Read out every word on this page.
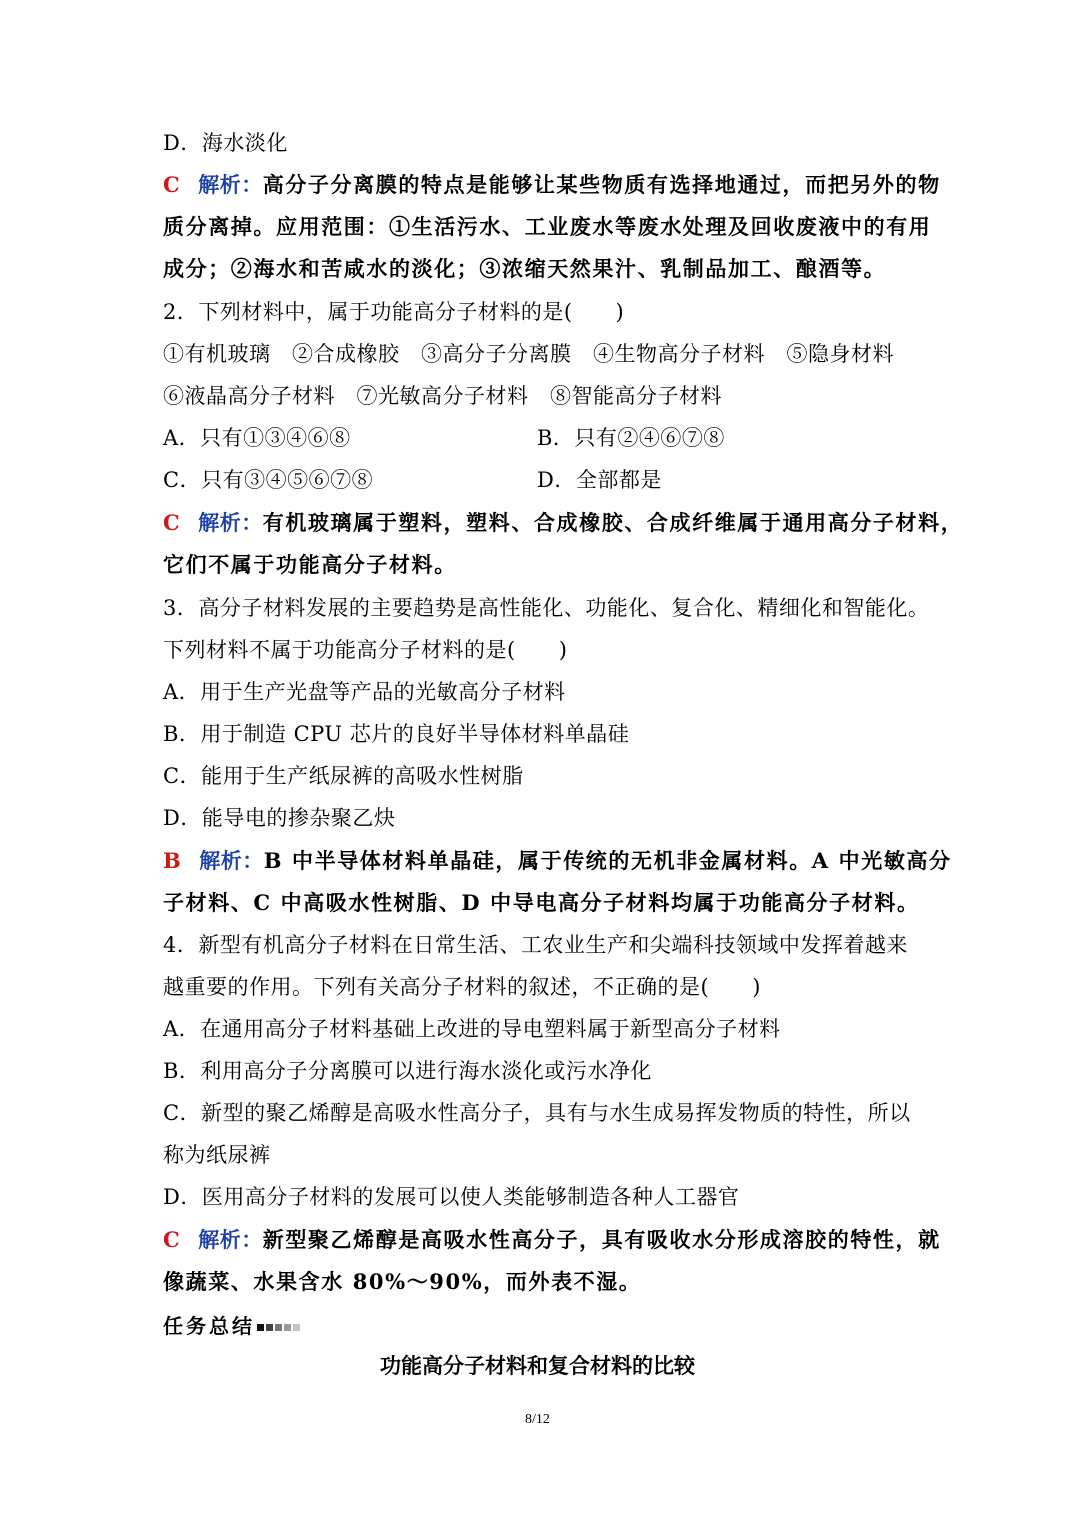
D．海水淡化
C 解析：高分子分离膜的特点是能够让某些物质有选择地通过，而把另外的物
质分离掉。应用范围：①生活污水、工业废水等废水处理及回收废液中的有用
成分；②海水和苦咸水的淡化；③浓缩天然果汁、乳制品加工、酿酒等。
2．下列材料中，属于功能高分子材料的是(　　)
①有机玻璃　②合成橡胶　③高分子分离膜　④生物高分子材料　⑤隐身材料
⑥液晶高分子材料　⑦光敏高分子材料　⑧智能高分子材料
A．只有①③④⑥⑧	B．只有②④⑥⑦⑧
C．只有③④⑤⑥⑦⑧	D．全部都是
C 解析：有机玻璃属于塑料，塑料、合成橡胶、合成纤维属于通用高分子材料，
它们不属于功能高分子材料。
3．高分子材料发展的主要趋势是高性能化、功能化、复合化、精细化和智能化。
下列材料不属于功能高分子材料的是(　　)
A．用于生产光盘等产品的光敏高分子材料
B．用于制造 CPU 芯片的良好半导体材料单晶硅
C．能用于生产纸尿裤的高吸水性树脂
D．能导电的掺杂聚乙炔
B 解析：B 中半导体材料单晶硅，属于传统的无机非金属材料。A 中光敏高分
子材料、C 中高吸水性树脂、D 中导电高分子材料均属于功能高分子材料。
4．新型有机高分子材料在日常生活、工农业生产和尖端科技领域中发挥着越来
越重要的作用。下列有关高分子材料的叙述，不正确的是(　　)
A．在通用高分子材料基础上改进的导电塑料属于新型高分子材料
B．利用高分子分离膜可以进行海水淡化或污水净化
C．新型的聚乙烯醇是高吸水性高分子，具有与水生成易挥发物质的特性，所以
称为纸尿裤
D．医用高分子材料的发展可以使人类能够制造各种人工器官
C 解析：新型聚乙烯醇是高吸水性高分子，具有吸收水分形成溶胶的特性，就
像蔬菜、水果含水 80%～90%，而外表不湿。
任务总结
功能高分子材料和复合材料的比较
8/12
